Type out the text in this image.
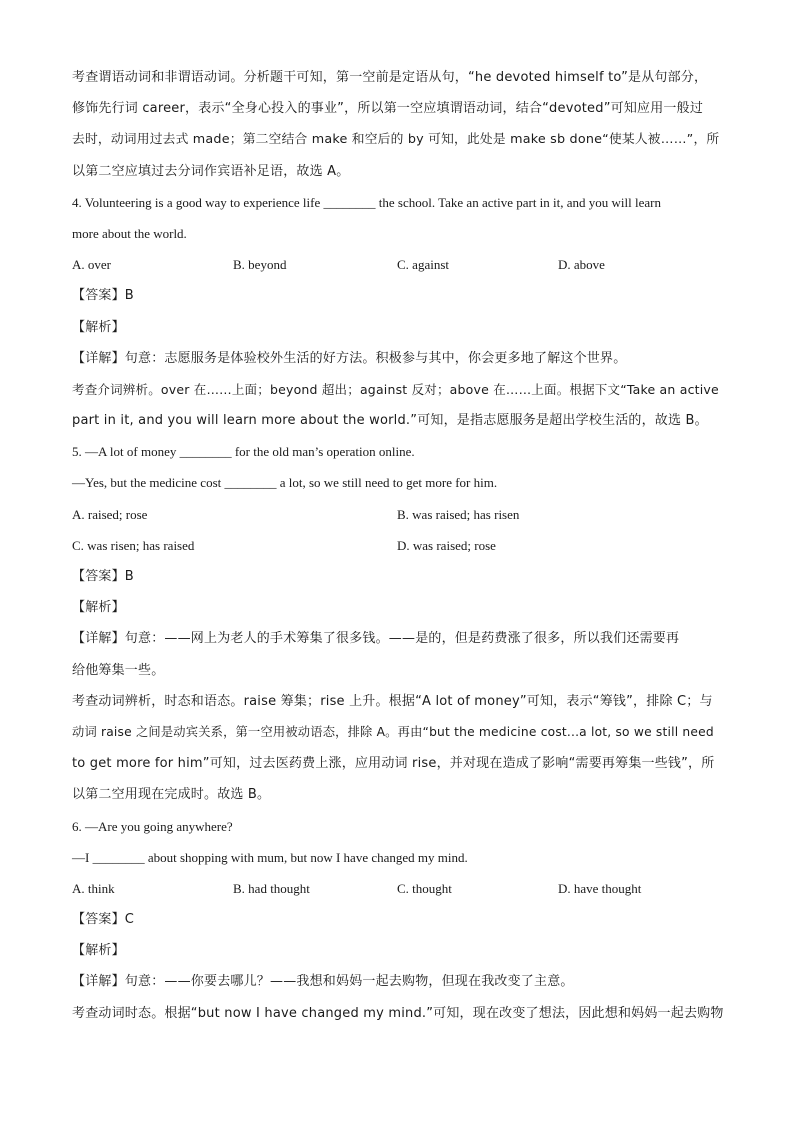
考查谓语动词和非谓语动词。分析题干可知，第一空前是定语从句，“he devoted himself to”是从句部分，
修饰先行词 career，表示“全身心投入的事业”，所以第一空应填谓语动词，结合“devoted”可知应用一般过
去时，动词用过去式 made；第二空结合 make 和空后的 by 可知，此处是 make sb done“使某人被……”，所
以第二空应填过去分词作宾语补足语，故选 A。
4. Volunteering is a good way to experience life ________ the school. Take an active part in it, and you will learn
more about the world.
A. over	B. beyond	C. against	D. above
【答案】B
【解析】
【详解】句意：志愿服务是体验校外生活的好方法。积极参与其中，你会更多地了解这个世界。
考查介词辨析。over 在……上面；beyond 超出；against 反对；above 在……上面。根据下文“Take an active
part in it, and you will learn more about the world.”可知，是指志愿服务是超出学校生活的，故选 B。
5. —A lot of money ________ for the old man’s operation online.
—Yes, but the medicine cost ________ a lot, so we still need to get more for him.
A. raised; rose	B. was raised; has risen
C. was risen; has raised	D. was raised; rose
【答案】B
【解析】
【详解】句意：——网上为老人的手术筹集了很多钱。——是的，但是药费涨了很多，所以我们还需要再
给他筹集一些。
考查动词辨析，时态和语态。raise 筹集；rise 上升。根据“A lot of money”可知，表示“筹钱”，排除 C；与
动词 raise 之间是动宾关系，第一空用被动语态，排除 A。再由“but the medicine cost...a lot, so we still need
to get more for him”可知，过去医药费上涨，应用动词 rise，并对现在造成了影响“需要再筹集一些钱”，所
以第二空用现在完成时。故选 B。
6. —Are you going anywhere?
—I ________ about shopping with mum, but now I have changed my mind.
A. think	B. had thought	C. thought	D. have thought
【答案】C
【解析】
【详解】句意：——你要去哪儿？——我想和妈妈一起去购物，但现在我改变了主意。
考查动词时态。根据“but now I have changed my mind.”可知，现在改变了想法，因此想和妈妈一起去购物
